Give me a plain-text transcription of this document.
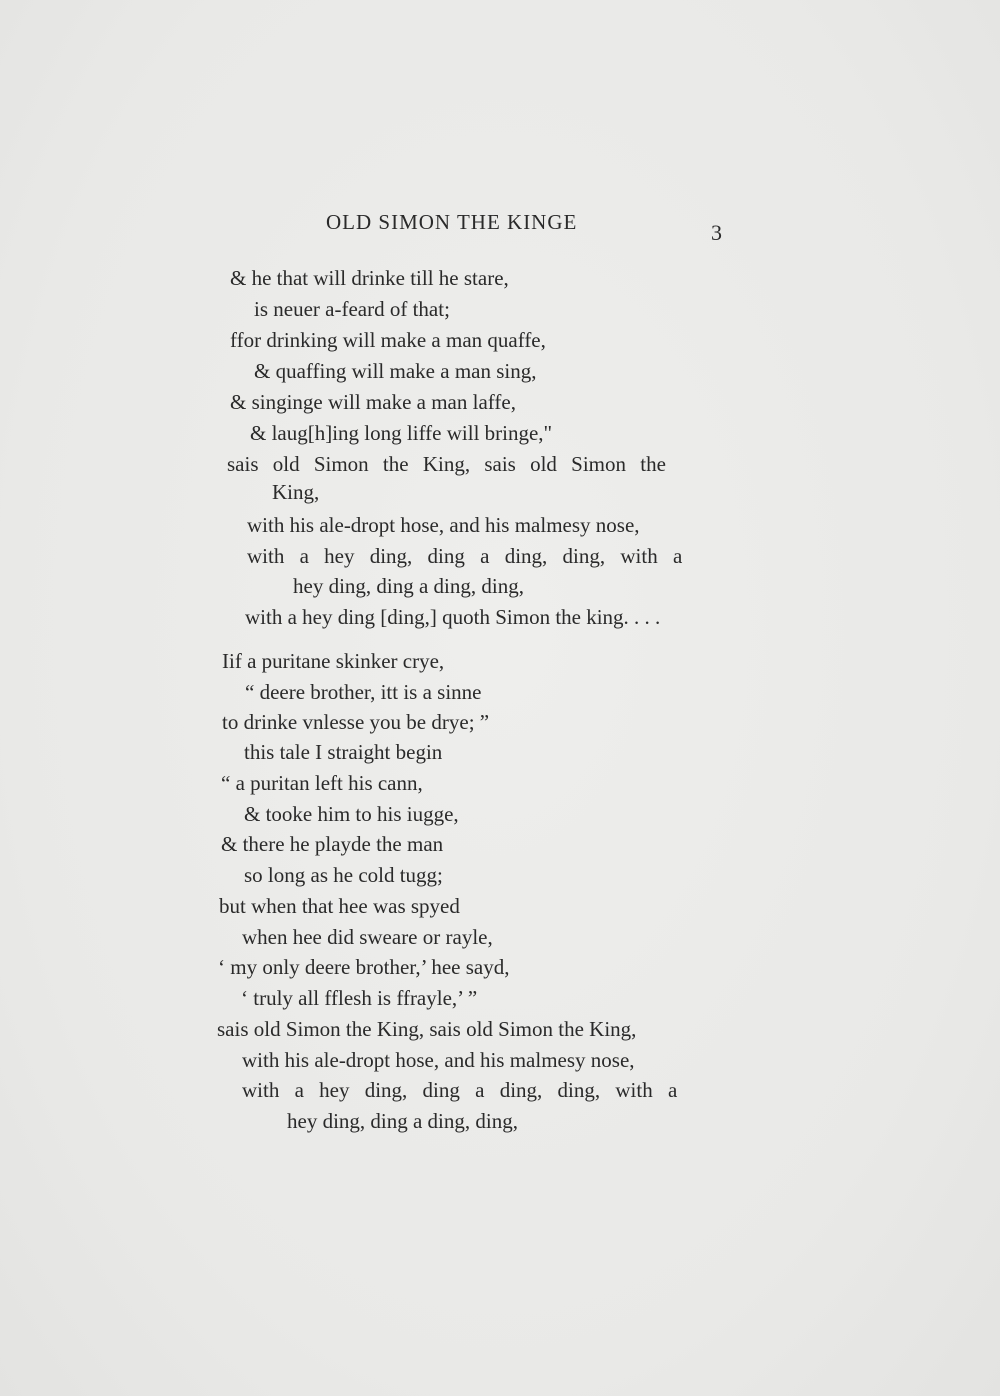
OLD SIMON THE KINGE	3
& he that will drinke till he stare,
is neuer a-feard of that;
ffor drinking will make a man quaffe,
& quaffing will make a man sing,
& singinge will make a man laffe,
& laug[h]ing long liffe will bringe,"
sais old Simon the King, sais old Simon the
King,
with his ale-dropt hose, and his malmesy nose,
with a hey ding, ding a ding, ding, with a
hey ding, ding a ding, ding,
with a hey ding [ding,] quoth Simon the king. . . .
Iif a puritane skinker crye,
“ deere brother, itt is a sinne
to drinke vnlesse you be drye; ”
this tale I straight begin
“ a puritan left his cann,
& tooke him to his iugge,
& there he playde the man
so long as he cold tugg;
but when that hee was spyed
when hee did sweare or rayle,
‘ my only deere brother,’ hee sayd,
‘ truly all fflesh is ffrayle,’ ”
sais old Simon the King, sais old Simon the King,
with his ale-dropt hose, and his malmesy nose,
with a hey ding, ding a ding, ding, with a
hey ding, ding a ding, ding,
